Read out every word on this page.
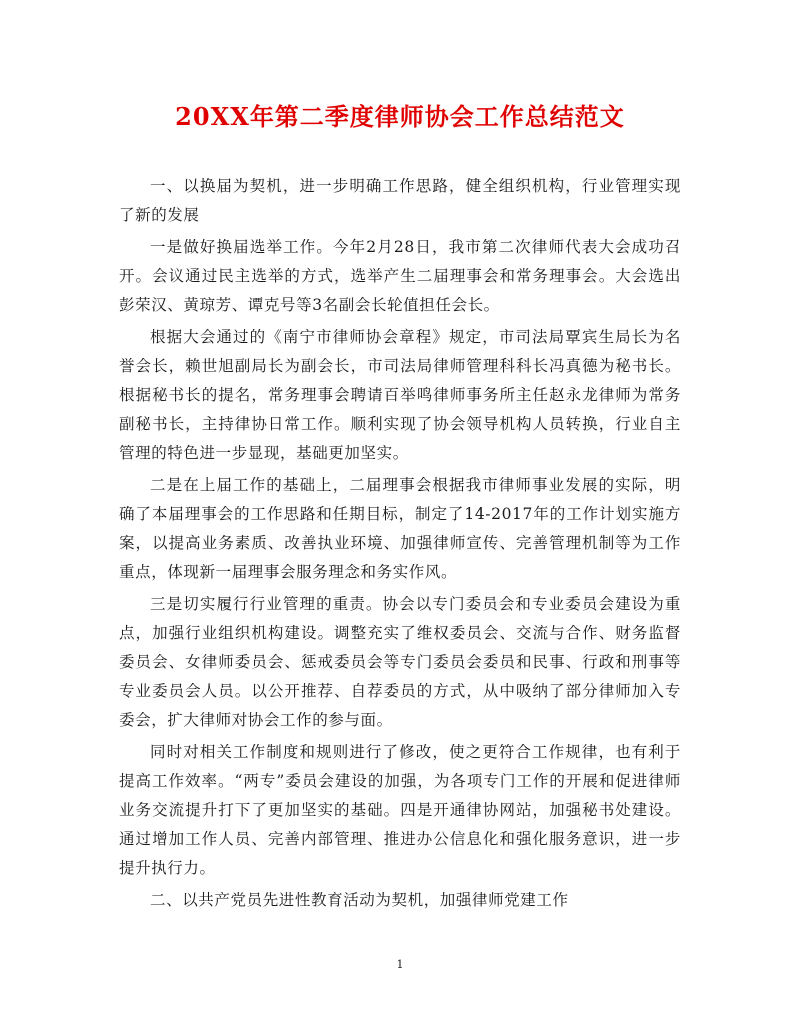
20XX年第二季度律师协会工作总结范文

一、以换届为契机，进一步明确工作思路，健全组织机构，行业管理实现了新的发展

一是做好换届选举工作。今年2月28日，我市第二次律师代表大会成功召开。会议通过民主选举的方式，选举产生二届理事会和常务理事会。大会选出彭荣汉、黄琼芳、谭克号等3名副会长轮值担任会长。

根据大会通过的《南宁市律师协会章程》规定，市司法局覃宾生局长为名誉会长，赖世旭副局长为副会长，市司法局律师管理科科长冯真德为秘书长。根据秘书长的提名，常务理事会聘请百举鸣律师事务所主任赵永龙律师为常务副秘书长，主持律协日常工作。顺利实现了协会领导机构人员转换，行业自主管理的特色进一步显现，基础更加坚实。

二是在上届工作的基础上，二届理事会根据我市律师事业发展的实际，明确了本届理事会的工作思路和任期目标，制定了14-2017年的工作计划实施方案，以提高业务素质、改善执业环境、加强律师宣传、完善管理机制等为工作重点，体现新一届理事会服务理念和务实作风。

三是切实履行行业管理的重责。协会以专门委员会和专业委员会建设为重点，加强行业组织机构建设。调整充实了维权委员会、交流与合作、财务监督委员会、女律师委员会、惩戒委员会等专门委员会委员和民事、行政和刑事等专业委员会人员。以公开推荐、自荐委员的方式，从中吸纳了部分律师加入专委会，扩大律师对协会工作的参与面。

同时对相关工作制度和规则进行了修改，使之更符合工作规律，也有利于提高工作效率。“两专”委员会建设的加强，为各项专门工作的开展和促进律师业务交流提升打下了更加坚实的基础。四是开通律协网站，加强秘书处建设。通过增加工作人员、完善内部管理、推进办公信息化和强化服务意识，进一步提升执行力。

二、以共产党员先进性教育活动为契机，加强律师党建工作

1
